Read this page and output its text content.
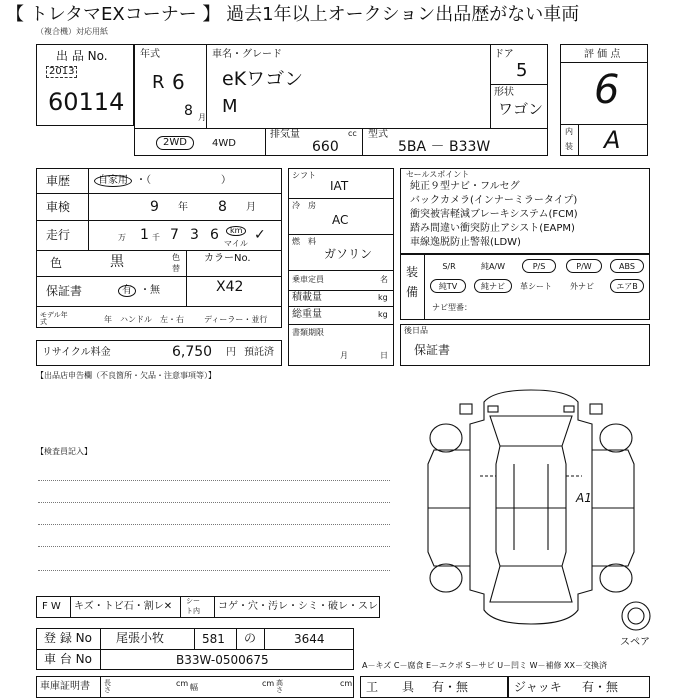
【 トレタマEXコーナー 】 過去1年以上オークション出品歴がない車両
（複合機）対応用紙
出 品 No.
2013
60114
年式
R 6
8 月
車名・グレード
eKワゴン
M
ドア
5
形状
ワゴン
2WD	4WD
排気量	cc
660
型式
5BA － B33W
評 価 点
6
内
装 A
車歴	自家用 ・（　　　　　　　）
車検	9 年 8 月
走行	万 1 千 7 3 6	km
マイル
✓
色	黒	色
替
カラーNo.
X42
保証書	有 ・無
モデル年式	年 ハンドル　左・右	ディーラー・並行
リサイクル料金	6,750 円 預託済
シフト
IAT
冷　房
AC
燃　料
ガソリン
乗車定員	名
積載量	kg
総重量	kg
書類期限
月	日
セールスポイント
純正９型ナビ・フルセグ
バックカメラ(インナーミラータイプ)
衝突被害軽減ブレーキシステム(FCM)
踏み間違い衝突防止アシスト(EAPM)
車線逸脱防止警報(LDW)
装
備
S/R	純A/W	P/S	P/W	ABS
純TV	純ナビ	革シート	外ナビ	エアB
ナビ型番：
後日品
保証書
【出品店申告欄（不良箇所・欠品・注意事項等）】
【検査員記入】
A1
スペア
F W キズ・トビ石・割レ✕ シー
ト内 コゲ・穴・汚レ・シミ・破レ・スレ
登 録 No 尾張小牧	581 の	3644
車 台 No	B33W-0500675
車庫証明書 長さ
cm 幅	cm 高さ
cm
A－キズ C－腐食 E－エクボ S－サビ U－凹ミ W－補修 XX－交換済
工　　具 有・無	ジャッキ 有・無
